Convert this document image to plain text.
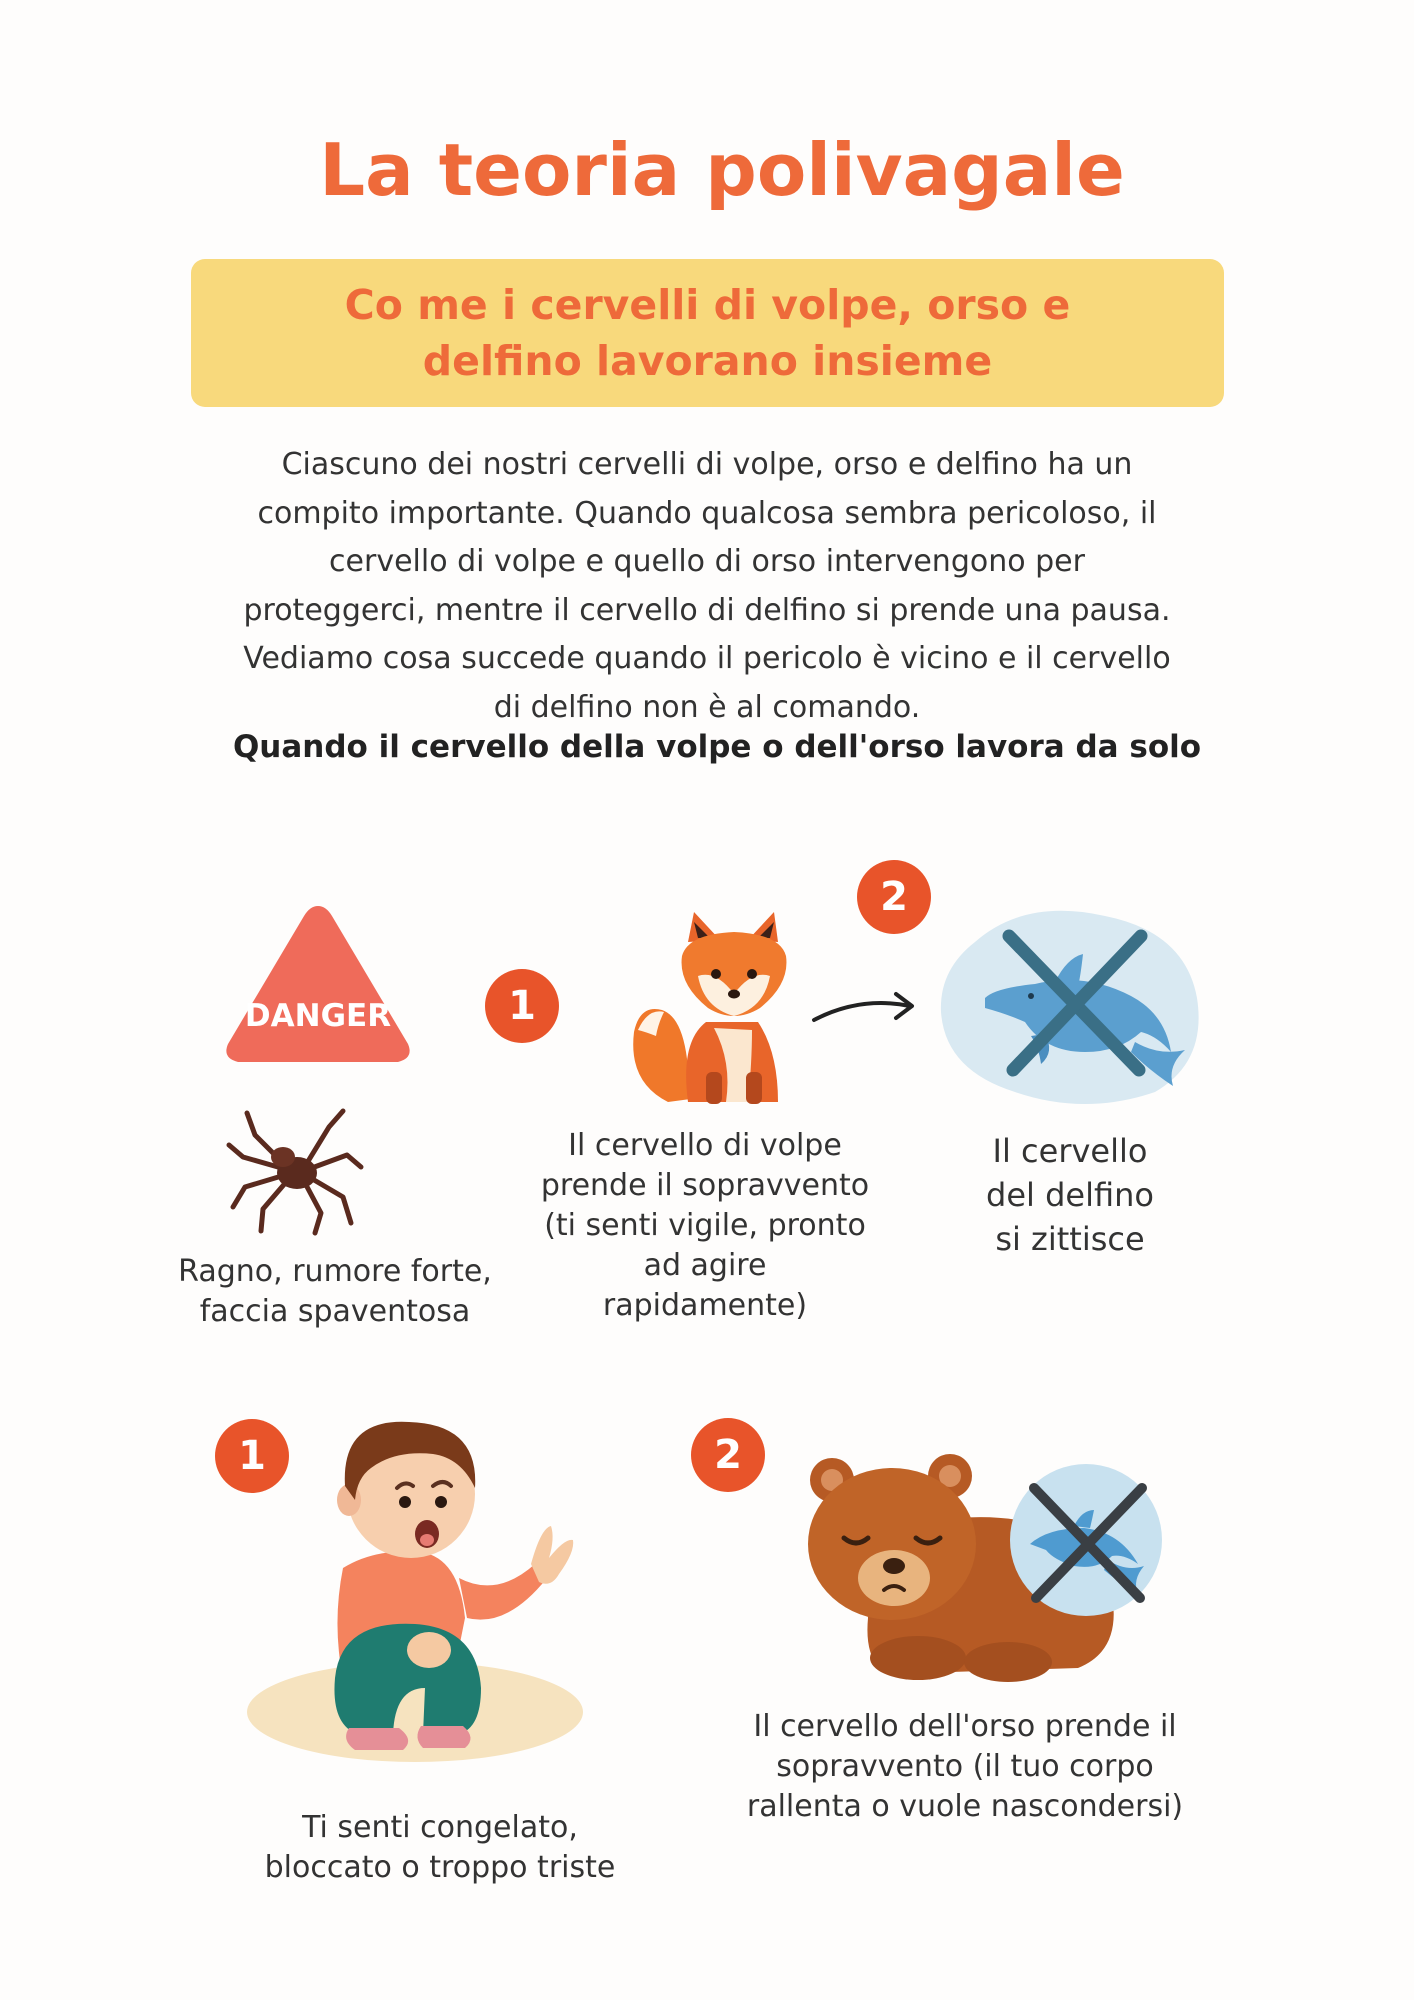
La teoria polivagale
Co me i cervelli di volpe, orso e
delfino lavorano insieme
Ciascuno dei nostri cervelli di volpe, orso e delfino ha un
compito importante. Quando qualcosa sembra pericoloso, il
cervello di volpe e quello di orso intervengono per
proteggerci, mentre il cervello di delfino si prende una pausa.
Vediamo cosa succede quando il pericolo è vicino e il cervello
di delfino non è al comando.
Quando il cervello della volpe o dell'orso lavora da solo
DANGER
Ragno, rumore forte,
faccia spaventosa
1
2
Il cervello
del delfino
si zittisce
Il cervello di volpe
prende il sopravvento
(ti senti vigile, pronto
ad agire
rapidamente)
1
Ti senti congelato,
bloccato o troppo triste
2
Il cervello dell'orso prende il
sopravvento (il tuo corpo
rallenta o vuole nascondersi)
